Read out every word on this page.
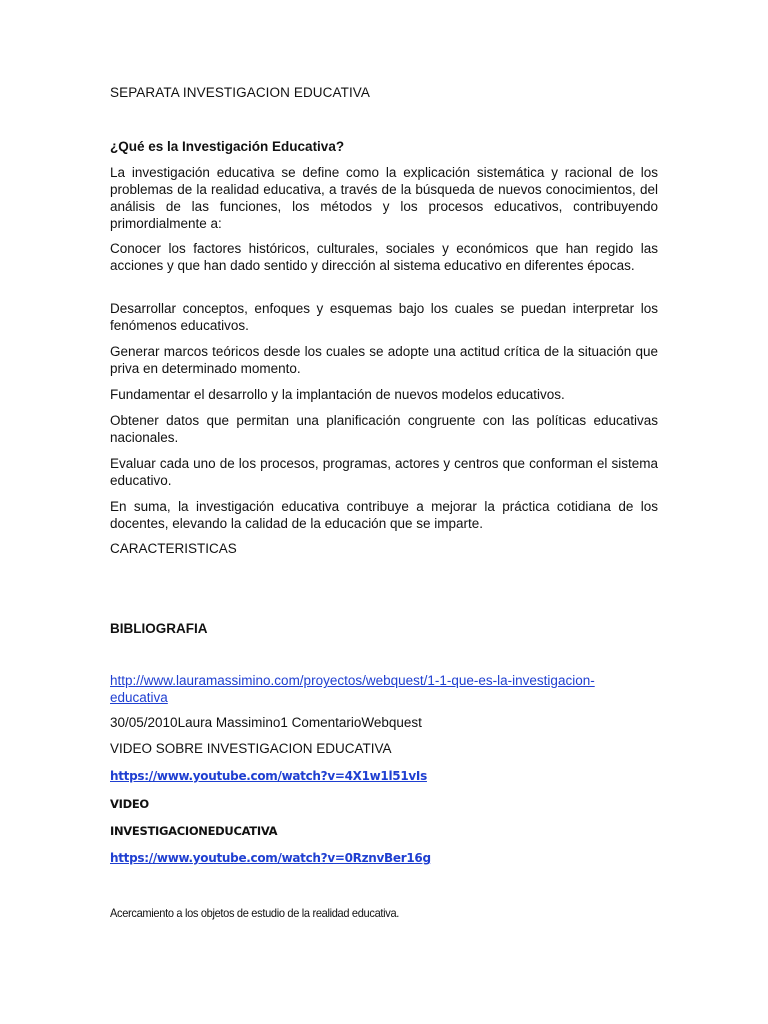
SEPARATA INVESTIGACION EDUCATIVA

¿Qué es la Investigación Educativa?

La investigación educativa se define como la explicación sistemática y racional de los problemas de la realidad educativa, a través de la búsqueda de nuevos conocimientos, del análisis de las funciones, los métodos y los procesos educativos, contribuyendo primordialmente a:

Conocer los factores históricos, culturales, sociales y económicos que han regido las acciones y que han dado sentido y dirección al sistema educativo en diferentes épocas.

Desarrollar conceptos, enfoques y esquemas bajo los cuales se puedan interpretar los fenómenos educativos.

Generar marcos teóricos desde los cuales se adopte una actitud crítica de la situación que priva en determinado momento.

Fundamentar el desarrollo y la implantación de nuevos modelos educativos.

Obtener datos que permitan una planificación congruente con las políticas educativas nacionales.

Evaluar cada uno de los procesos, programas, actores y centros que conforman el sistema educativo.

En suma, la investigación educativa contribuye a mejorar la práctica cotidiana de los docentes, elevando la calidad de la educación que se imparte.

CARACTERISTICAS

BIBLIOGRAFIA

http://www.lauramassimino.com/proyectos/webquest/1-1-que-es-la-investigacion-
educativa

30/05/2010Laura Massimino1 ComentarioWebquest

VIDEO SOBRE INVESTIGACION EDUCATIVA

https://www.youtube.com/watch?v=4X1w1l51vIs

VIDEO

INVESTIGACIONEDUCATIVA

https://www.youtube.com/watch?v=0RznvBer16g

Acercamiento a los objetos de estudio de la realidad educativa.
